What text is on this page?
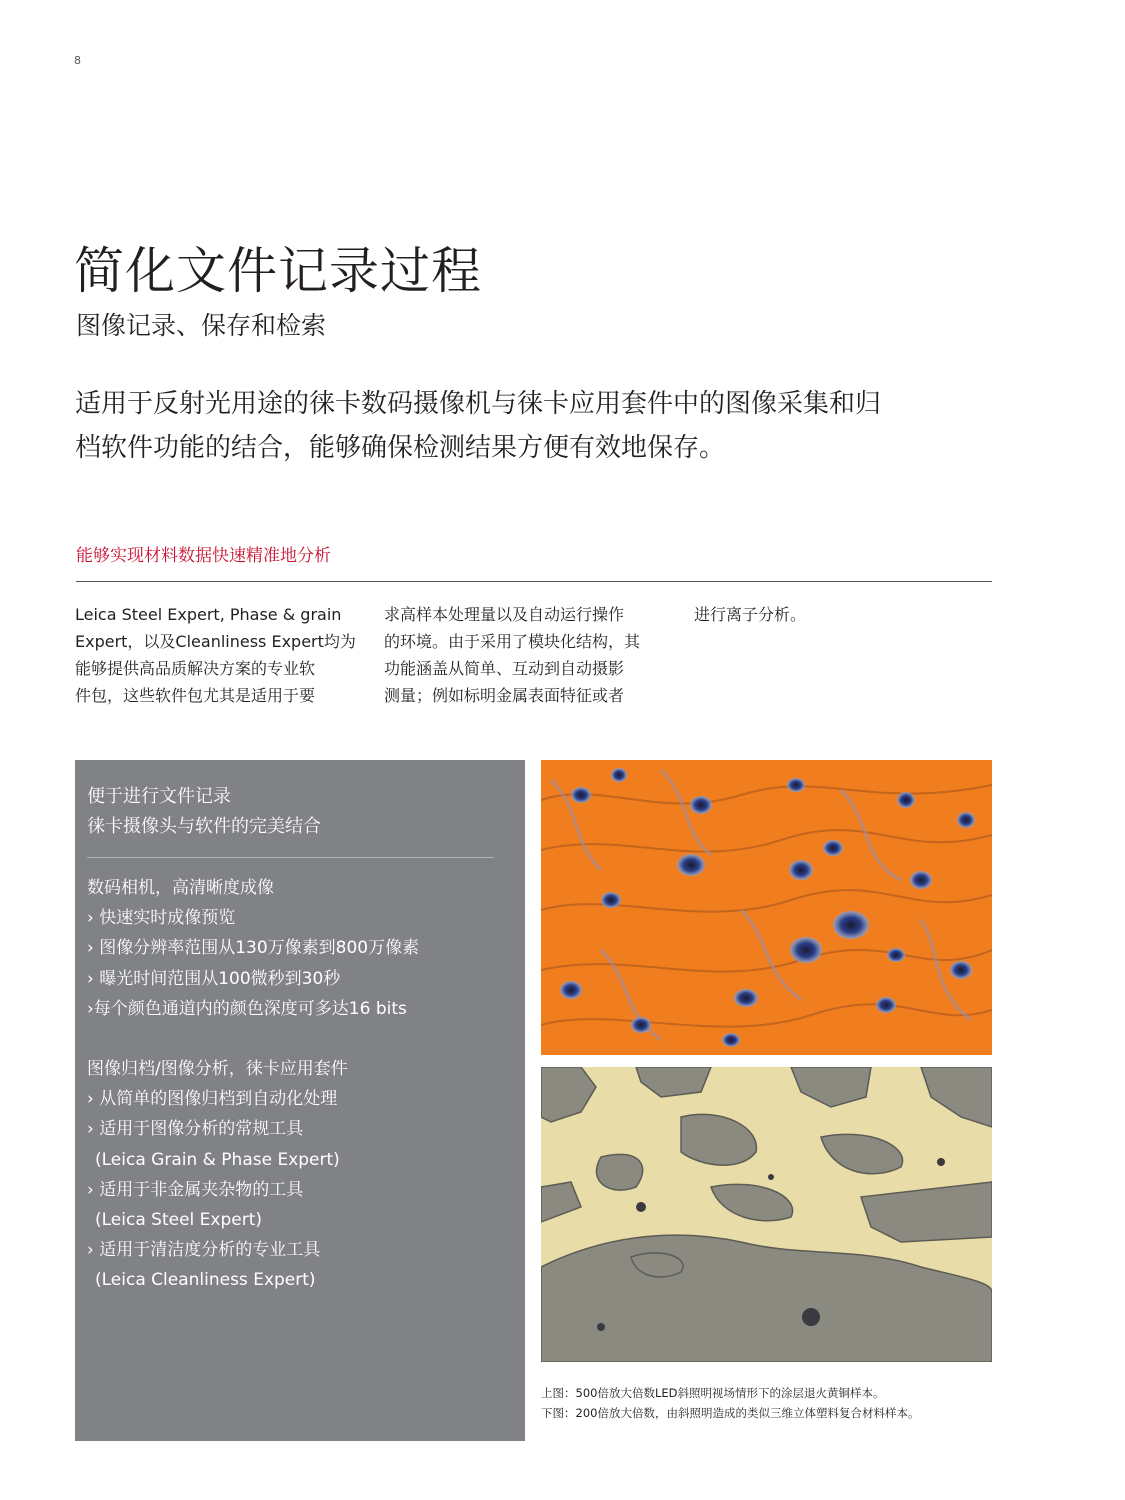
8
简化文件记录过程
图像记录、保存和检索

适用于反射光用途的徕卡数码摄像机与徕卡应用套件中的图像采集和归
档软件功能的结合，能够确保检测结果方便有效地保存。

能够实现材料数据快速精准地分析
Leica Steel Expert, Phase & grain
Expert，以及Cleanliness Expert均为
能够提供高品质解决方案的专业软
件包，这些软件包尤其是适用于要
求高样本处理量以及自动运行操作
的环境。由于采用了模块化结构，其
功能涵盖从简单、互动到自动摄影
测量；例如标明金属表面特征或者
进行离子分析。
便于进行文件记录
徕卡摄像头与软件的完美结合
数码相机，高清晰度成像
› 快速实时成像预览
› 图像分辨率范围从130万像素到800万像素
› 曝光时间范围从100微秒到30秒
›每个颜色通道内的颜色深度可多达16 bits
图像归档/图像分析，徕卡应用套件
› 从简单的图像归档到自动化处理
› 适用于图像分析的常规工具
(Leica Grain & Phase Expert)
› 适用于非金属夹杂物的工具
(Leica Steel Expert)
› 适用于清洁度分析的专业工具
(Leica Cleanliness Expert)
上图：500倍放大倍数LED斜照明视场情形下的涂层退火黄铜样本。
下图：200倍放大倍数，由斜照明造成的类似三维立体塑料复合材料样本。
